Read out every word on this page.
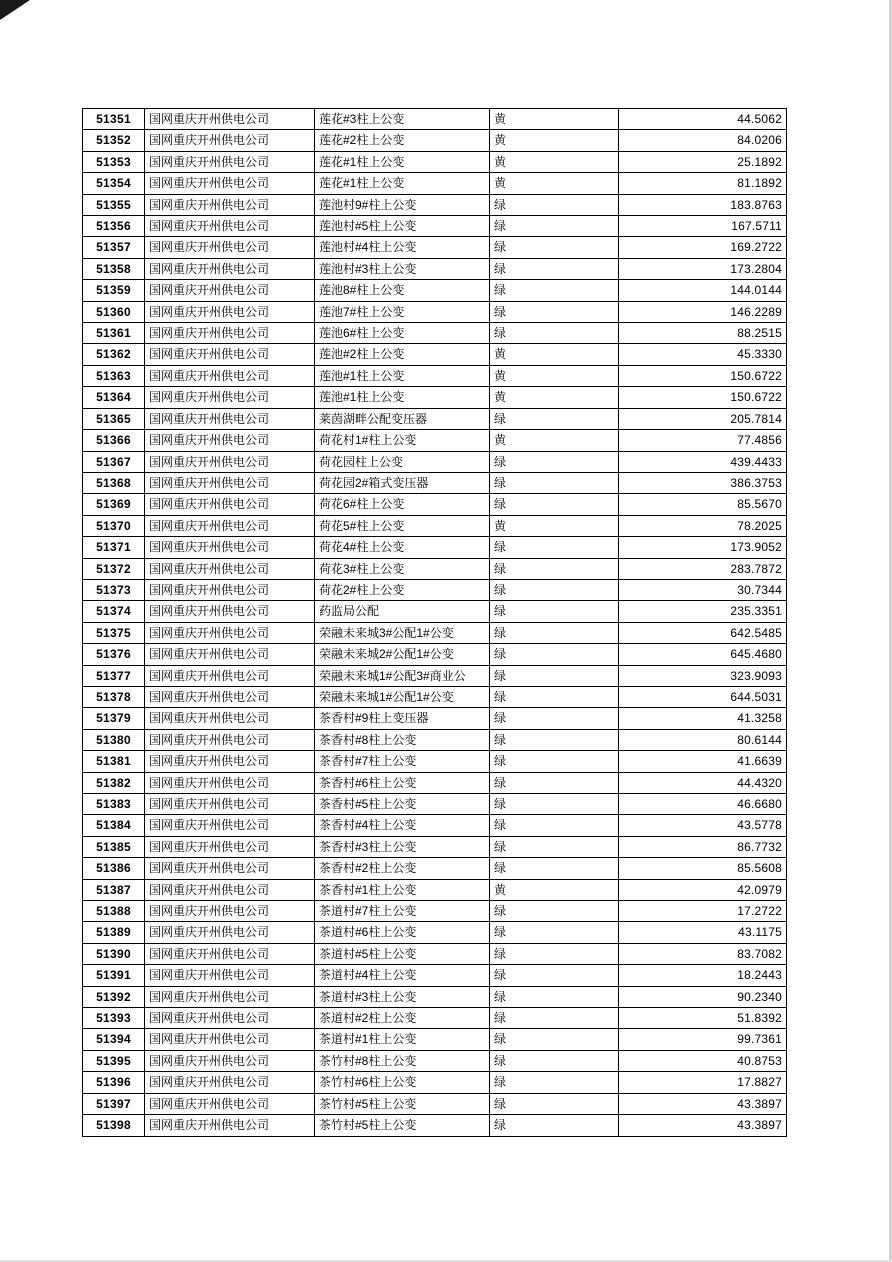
51351	国网重庆开州供电公司	莲花#3柱上公变	黄	44.5062
51352	国网重庆开州供电公司	莲花#2柱上公变	黄	84.0206
51353	国网重庆开州供电公司	莲花#1柱上公变	黄	25.1892
51354	国网重庆开州供电公司	莲花#1柱上公变	黄	81.1892
51355	国网重庆开州供电公司	莲池村9#柱上公变	绿	183.8763
51356	国网重庆开州供电公司	莲池村#5柱上公变	绿	167.5711
51357	国网重庆开州供电公司	莲池村#4柱上公变	绿	169.2722
51358	国网重庆开州供电公司	莲池村#3柱上公变	绿	173.2804
51359	国网重庆开州供电公司	莲池8#柱上公变	绿	144.0144
51360	国网重庆开州供电公司	莲池7#柱上公变	绿	146.2289
51361	国网重庆开州供电公司	莲池6#柱上公变	绿	88.2515
51362	国网重庆开州供电公司	莲池#2柱上公变	黄	45.3330
51363	国网重庆开州供电公司	莲池#1柱上公变	黄	150.6722
51364	国网重庆开州供电公司	莲池#1柱上公变	黄	150.6722
51365	国网重庆开州供电公司	莱茵湖畔公配变压器	绿	205.7814
51366	国网重庆开州供电公司	荷花村1#柱上公变	黄	77.4856
51367	国网重庆开州供电公司	荷花园柱上公变	绿	439.4433
51368	国网重庆开州供电公司	荷花园2#箱式变压器	绿	386.3753
51369	国网重庆开州供电公司	荷花6#柱上公变	绿	85.5670
51370	国网重庆开州供电公司	荷花5#柱上公变	黄	78.2025
51371	国网重庆开州供电公司	荷花4#柱上公变	绿	173.9052
51372	国网重庆开州供电公司	荷花3#柱上公变	绿	283.7872
51373	国网重庆开州供电公司	荷花2#柱上公变	绿	30.7344
51374	国网重庆开州供电公司	药监局公配	绿	235.3351
51375	国网重庆开州供电公司	荣融未来城3#公配1#公变	绿	642.5485
51376	国网重庆开州供电公司	荣融未来城2#公配1#公变	绿	645.4680
51377	国网重庆开州供电公司	荣融未来城1#公配3#商业公	绿	323.9093
51378	国网重庆开州供电公司	荣融未来城1#公配1#公变	绿	644.5031
51379	国网重庆开州供电公司	茶香村#9柱上变压器	绿	41.3258
51380	国网重庆开州供电公司	茶香村#8柱上公变	绿	80.6144
51381	国网重庆开州供电公司	茶香村#7柱上公变	绿	41.6639
51382	国网重庆开州供电公司	茶香村#6柱上公变	绿	44.4320
51383	国网重庆开州供电公司	茶香村#5柱上公变	绿	46.6680
51384	国网重庆开州供电公司	茶香村#4柱上公变	绿	43.5778
51385	国网重庆开州供电公司	茶香村#3柱上公变	绿	86.7732
51386	国网重庆开州供电公司	茶香村#2柱上公变	绿	85.5608
51387	国网重庆开州供电公司	茶香村#1柱上公变	黄	42.0979
51388	国网重庆开州供电公司	茶道村#7柱上公变	绿	17.2722
51389	国网重庆开州供电公司	茶道村#6柱上公变	绿	43.1175
51390	国网重庆开州供电公司	茶道村#5柱上公变	绿	83.7082
51391	国网重庆开州供电公司	茶道村#4柱上公变	绿	18.2443
51392	国网重庆开州供电公司	茶道村#3柱上公变	绿	90.2340
51393	国网重庆开州供电公司	茶道村#2柱上公变	绿	51.8392
51394	国网重庆开州供电公司	茶道村#1柱上公变	绿	99.7361
51395	国网重庆开州供电公司	茶竹村#8柱上公变	绿	40.8753
51396	国网重庆开州供电公司	茶竹村#6柱上公变	绿	17.8827
51397	国网重庆开州供电公司	茶竹村#5柱上公变	绿	43.3897
51398	国网重庆开州供电公司	茶竹村#5柱上公变	绿	43.3897
